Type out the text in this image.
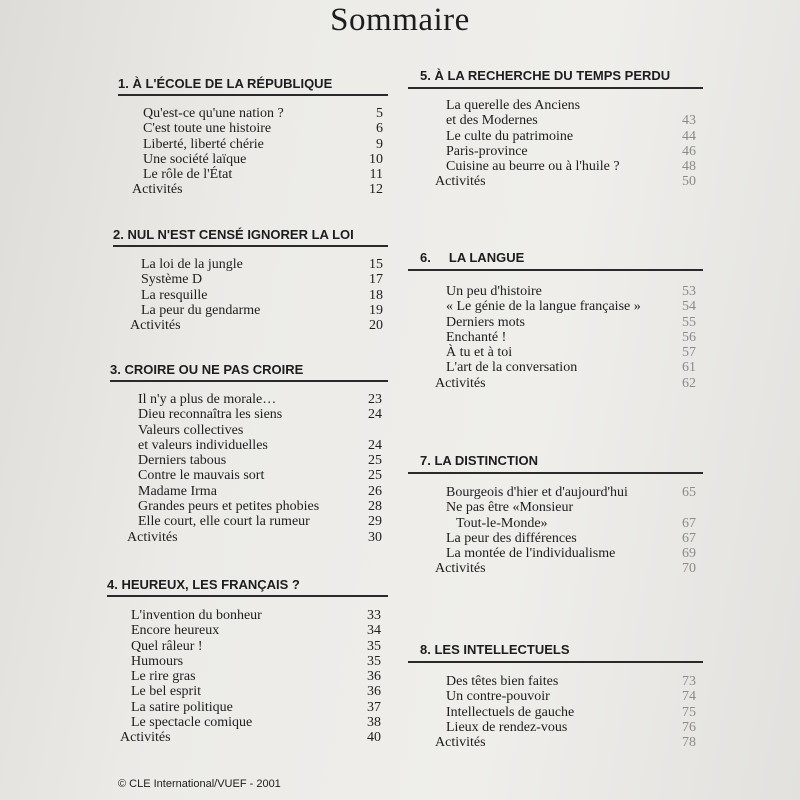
Sommaire
1. À L'ÉCOLE DE LA RÉPUBLIQUE
Qu'est-ce qu'une nation ?	5
C'est toute une histoire	6
Liberté, liberté chérie	9
Une société laïque	10
Le rôle de l'État	11
Activités	12
2. NUL N'EST CENSÉ IGNORER LA LOI
La loi de la jungle	15
Système D	17
La resquille	18
La peur du gendarme	19
Activités	20
3. CROIRE OU NE PAS CROIRE
Il n'y a plus de morale…	23
Dieu reconnaîtra les siens	24
Valeurs collectives
et valeurs individuelles	24
Derniers tabous	25
Contre le mauvais sort	25
Madame Irma	26
Grandes peurs et petites phobies	28
Elle court, elle court la rumeur	29
Activités	30
4. HEUREUX, LES FRANÇAIS ?
L'invention du bonheur	33
Encore heureux	34
Quel râleur !	35
Humours	35
Le rire gras	36
Le bel esprit	36
La satire politique	37
Le spectacle comique	38
Activités	40
5. À LA RECHERCHE DU TEMPS PERDU
La querelle des Anciens
et des Modernes	43
Le culte du patrimoine	44
Paris-province	46
Cuisine au beurre ou à l'huile ?	48
Activités	50
6.     LA LANGUE
Un peu d'histoire	53
« Le génie de la langue française »	54
Derniers mots	55
Enchanté !	56
À tu et à toi	57
L'art de la conversation	61
Activités	62
7. LA DISTINCTION
Bourgeois d'hier et d'aujourd'hui	65
Ne pas être «Monsieur
Tout-le-Monde»	67
La peur des différences	67
La montée de l'individualisme	69
Activités	70
8. LES INTELLECTUELS
Des têtes bien faites	73
Un contre-pouvoir	74
Intellectuels de gauche	75
Lieux de rendez-vous	76
Activités	78
© CLE International/VUEF - 2001
